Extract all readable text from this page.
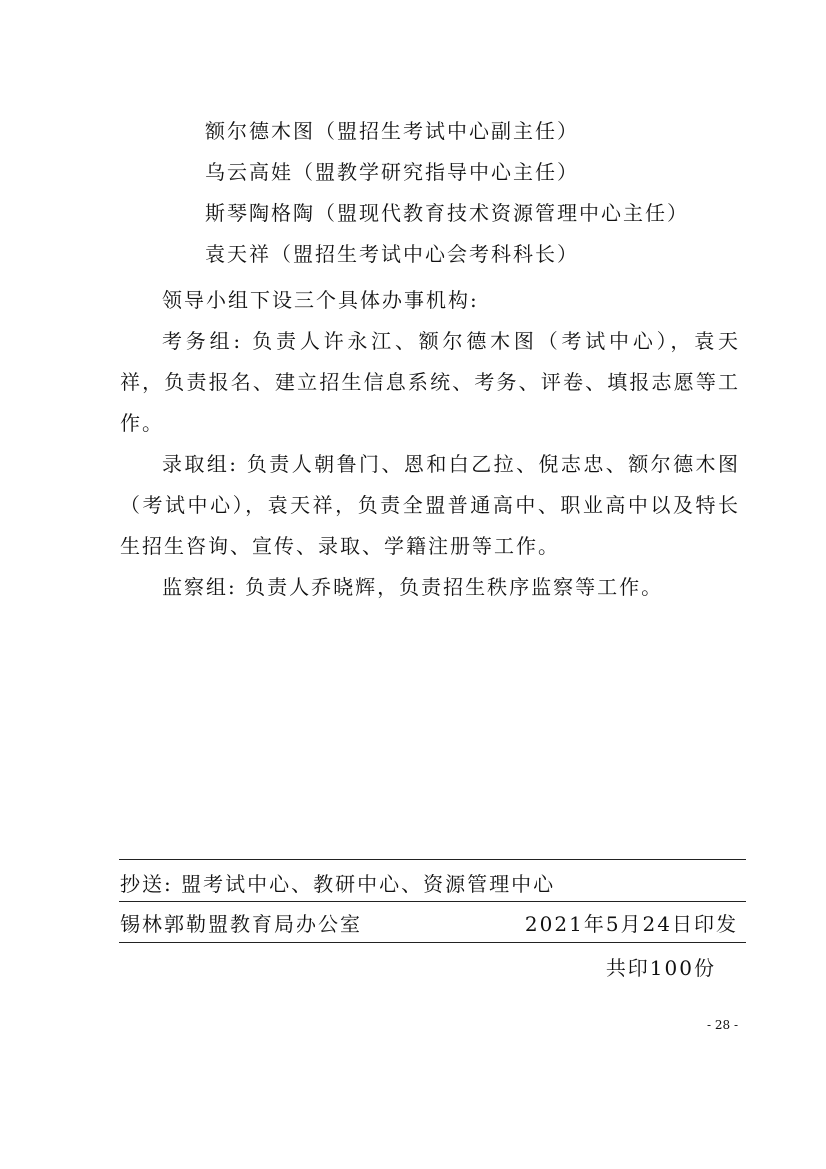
额尔德木图（盟招生考试中心副主任）
乌云高娃（盟教学研究指导中心主任）
斯琴陶格陶（盟现代教育技术资源管理中心主任）
袁天祥（盟招生考试中心会考科科长）

领导小组下设三个具体办事机构:

考务组: 负责人许永江、额尔德木图（考试中心），袁天祥，负责报名、建立招生信息系统、考务、评卷、填报志愿等工作。

录取组: 负责人朝鲁门、恩和白乙拉、倪志忠、额尔德木图（考试中心），袁天祥，负责全盟普通高中、职业高中以及特长生招生咨询、宣传、录取、学籍注册等工作。

监察组: 负责人乔晓辉，负责招生秩序监察等工作。

抄送: 盟考试中心、教研中心、资源管理中心
锡林郭勒盟教育局办公室	2021年5月24日印发
共印100份
- 28 -
